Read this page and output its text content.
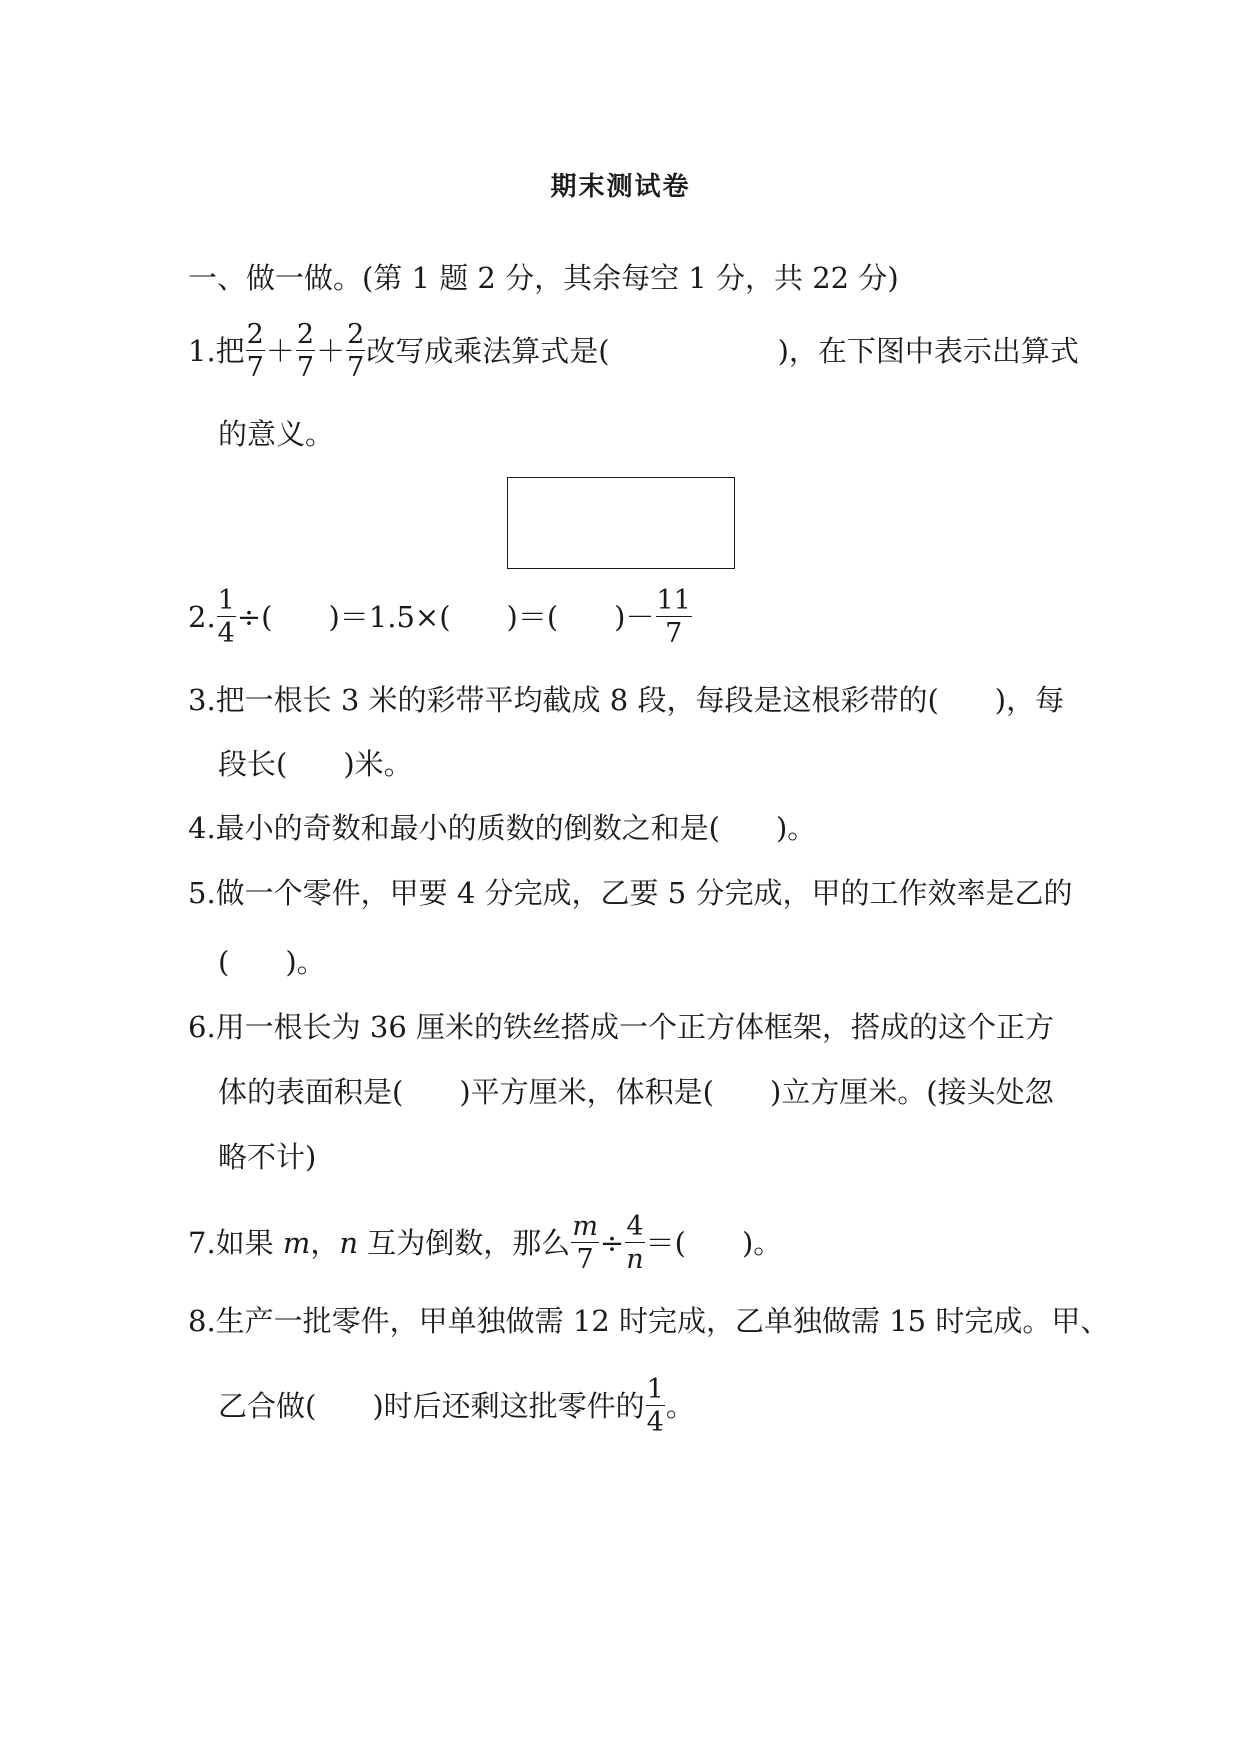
期末测试卷
一、做一做。(第 1 题 2 分，其余每空 1 分，共 22 分)
1.把 $\frac{2}{7} + \frac{2}{7} + \frac{2}{7}$ 改写成乘法算式是(	)，在下图中表示出算式
的意义。
2. $\frac{1}{4}$ ÷( )＝1.5×( )＝( )－ $\frac{11}{7}$
3.把一根长 3 米的彩带平均截成 8 段，每段是这根彩带的( )，每
段长( )米。
4.最小的奇数和最小的质数的倒数之和是( )。
5.做一个零件，甲要 4 分完成，乙要 5 分完成，甲的工作效率是乙的
( )。
6.用一根长为 36 厘米的铁丝搭成一个正方体框架，搭成的这个正方
体的表面积是( )平方厘米，体积是( )立方厘米。(接头处忽
略不计)
7.如果 m，n 互为倒数，那么 $\frac{m}{7} \div \frac{4}{n}$ ＝( )。
8.生产一批零件，甲单独做需 12 时完成，乙单独做需 15 时完成。甲、
乙合做( )时后还剩这批零件的 $\frac{1}{4}$ 。
